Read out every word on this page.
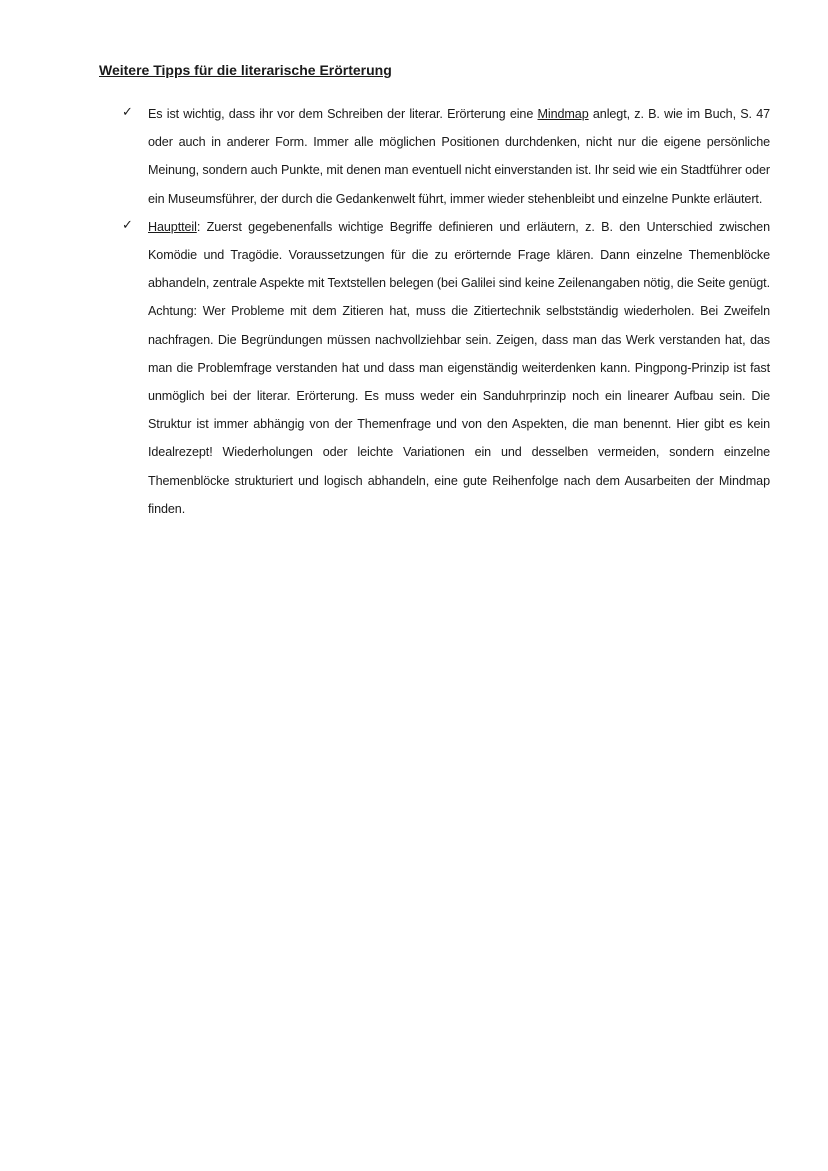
Weitere Tipps für die literarische Erörterung
✓ Es ist wichtig, dass ihr vor dem Schreiben der literar. Erörterung eine Mindmap anlegt, z. B. wie im Buch, S. 47 oder auch in anderer Form. Immer alle möglichen Positionen durchdenken, nicht nur die eigene persönliche Meinung, sondern auch Punkte, mit denen man eventuell nicht einverstanden ist. Ihr seid wie ein Stadtführer oder ein Museumsführer, der durch die Gedankenwelt führt, immer wieder stehenbleibt und einzelne Punkte erläutert.
✓ Hauptteil: Zuerst gegebenenfalls wichtige Begriffe definieren und erläutern, z. B. den Unterschied zwischen Komödie und Tragödie. Voraussetzungen für die zu erörternde Frage klären. Dann einzelne Themenblöcke abhandeln, zentrale Aspekte mit Textstellen belegen (bei Galilei sind keine Zeilenangaben nötig, die Seite genügt. Achtung: Wer Probleme mit dem Zitieren hat, muss die Zitiertechnik selbstständig wiederholen. Bei Zweifeln nachfragen. Die Begründungen müssen nachvollziehbar sein. Zeigen, dass man das Werk verstanden hat, das man die Problemfrage verstanden hat und dass man eigenständig weiterdenken kann. Pingpong-Prinzip ist fast unmöglich bei der literar. Erörterung. Es muss weder ein Sanduhrprinzip noch ein linearer Aufbau sein. Die Struktur ist immer abhängig von der Themenfrage und von den Aspekten, die man benennt. Hier gibt es kein Idealrezept! Wiederholungen oder leichte Variationen ein und desselben vermeiden, sondern einzelne Themenblöcke strukturiert und logisch abhandeln, eine gute Reihenfolge nach dem Ausarbeiten der Mindmap finden.
